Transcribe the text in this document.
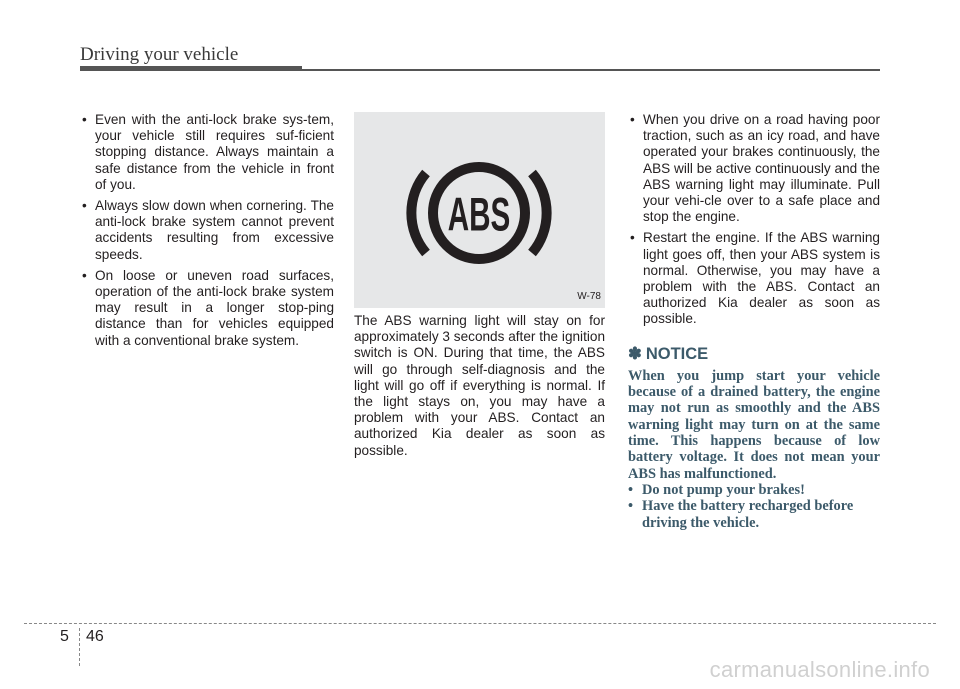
Driving your vehicle
• Even with the anti-lock brake sys-tem, your vehicle still requires suf-ficient stopping distance. Always maintain a safe distance from the vehicle in front of you.
• Always slow down when cornering. The anti-lock brake system cannot prevent accidents resulting from excessive speeds.
• On loose or uneven road surfaces, operation of the anti-lock brake system may result in a longer stop-ping distance than for vehicles equipped with a conventional brake system.
ABS
W-78

The ABS warning light will stay on for approximately 3 seconds after the ignition switch is ON. During that time, the ABS will go through self-diagnosis and the light will go off if everything is normal. If the light stays on, you may have a problem with your ABS. Contact an authorized Kia dealer as soon as possible.

• When you drive on a road having poor traction, such as an icy road, and have operated your brakes continuously, the ABS will be active continuously and the ABS warning light may illuminate. Pull your vehi-cle over to a safe place and stop the engine.
• Restart the engine. If the ABS warning light goes off, then your ABS system is normal. Otherwise, you may have a problem with the ABS. Contact an authorized Kia dealer as soon as possible.
✽ NOTICE
When you jump start your vehicle because of a drained battery, the engine may not run as smoothly and the ABS warning light may turn on at the same time. This happens because of low battery voltage. It does not mean your ABS has malfunctioned.
• Do not pump your brakes!
• Have the battery recharged before driving the vehicle.
5 46
carmanualsonline.info
